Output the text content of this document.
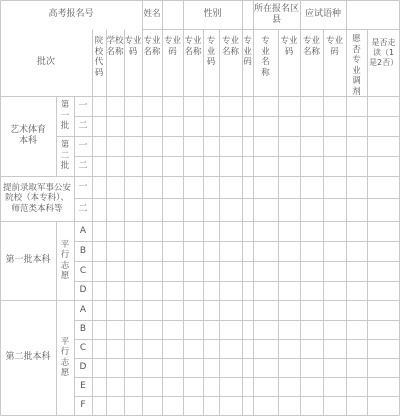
高考报名号	姓名	性别
所在报名区县
应试语种
批次
院校代码
学校名称
专业码
专业名称
专业码
专业名称
专业码
专业名称
专业码
专业名称
专业码
专业名称
专业码
愿否专业调剂
是否走读（1是2否）
艺术体育本科
第一批
第二批
一
二
一
二
提前录取军事公安院校（本专科）、师范类本科等
一
二
第一批本科
平行志愿
A
B
C
D
第二批本科
平行志愿
A
B
C
D
E
F
